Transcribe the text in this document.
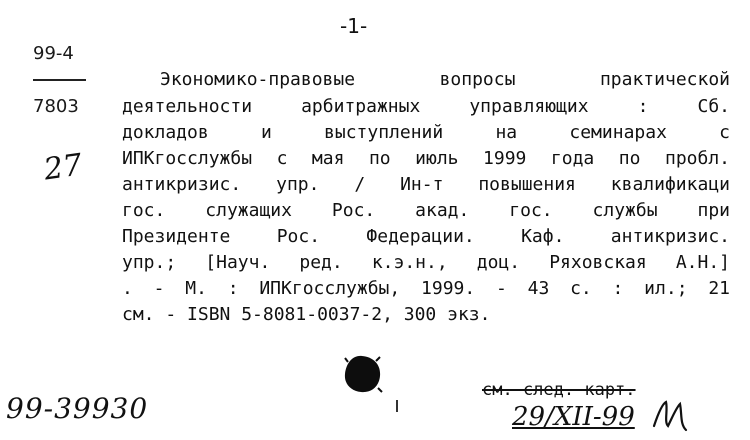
-1-
99-4
7803
27
Экономико-правовые вопросы практической
деятельности арбитражных управляющих : Сб.
докладов и выступлений на семинарах с
ИПКгосслужбы с мая по июль 1999 года по пробл.
антикризис. упр. / Ин-т повышения квалификаци
гос. служащих Рос. акад. гос. службы при
Президенте Рос. Федерации. Каф. антикризис.
упр.; [Науч. ред. к.э.н., доц. Ряховская А.Н.]
. - М. : ИПКгосслужбы, 1999. - 43 с. : ил.; 21
см. - ISBN 5-8081-0037-2, 300 экз.
99-39930
см. след. карт.
29/XII-99
